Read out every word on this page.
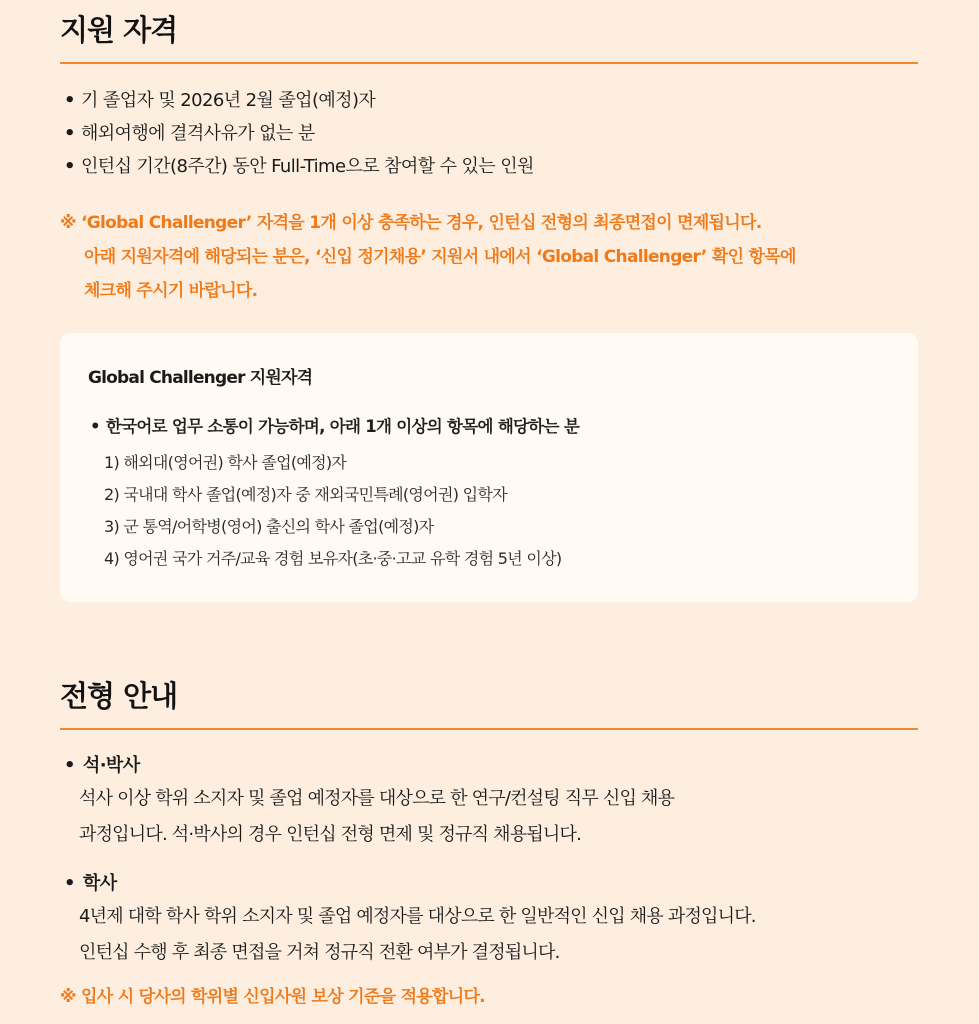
지원 자격
• 기 졸업자 및 2026년 2월 졸업(예정)자
• 해외여행에 결격사유가 없는 분
• 인턴십 기간(8주간) 동안 Full-Time으로 참여할 수 있는 인원
※ ‘Global Challenger’ 자격을 1개 이상 충족하는 경우, 인턴십 전형의 최종면접이 면제됩니다.
아래 지원자격에 해당되는 분은, ‘신입 정기채용’ 지원서 내에서 ‘Global Challenger’ 확인 항목에
체크해 주시기 바랍니다.
Global Challenger 지원자격
• 한국어로 업무 소통이 가능하며, 아래 1개 이상의 항목에 해당하는 분
1) 해외대(영어권) 학사 졸업(예정)자
2) 국내대 학사 졸업(예정)자 중 재외국민특례(영어권) 입학자
3) 군 통역/어학병(영어) 출신의 학사 졸업(예정)자
4) 영어권 국가 거주/교육 경험 보유자(초·중·고교 유학 경험 5년 이상)
전형 안내
• 석·박사
석사 이상 학위 소지자 및 졸업 예정자를 대상으로 한 연구/컨설팅 직무 신입 채용
과정입니다. 석·박사의 경우 인턴십 전형 면제 및 정규직 채용됩니다.
• 학사
4년제 대학 학사 학위 소지자 및 졸업 예정자를 대상으로 한 일반적인 신입 채용 과정입니다.
인턴십 수행 후 최종 면접을 거쳐 정규직 전환 여부가 결정됩니다.
※ 입사 시 당사의 학위별 신입사원 보상 기준을 적용합니다.
